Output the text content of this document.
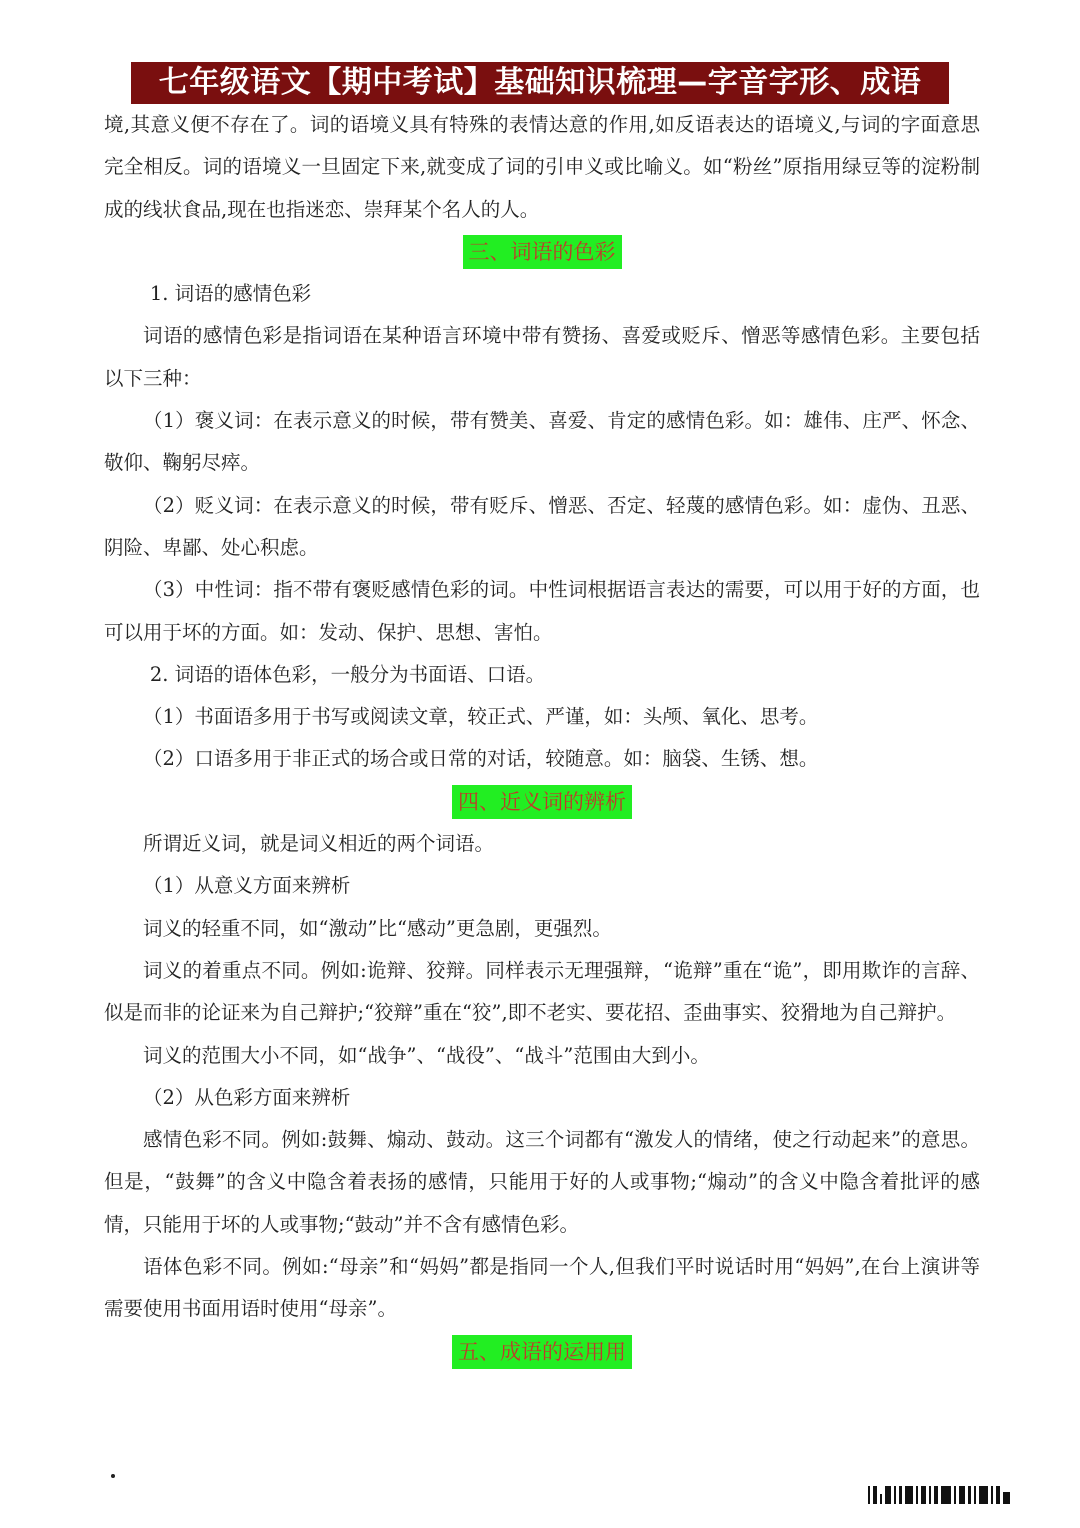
七年级语文【期中考试】基础知识梳理—字音字形、成语

境,其意义便不存在了。词的语境义具有特殊的表情达意的作用,如反语表达的语境义,与词的字面意思完全相反。词的语境义一旦固定下来,就变成了词的引申义或比喻义。如“粉丝”原指用绿豆等的淀粉制成的线状食品,现在也指迷恋、崇拜某个名人的人。

三、词语的色彩

1. 词语的感情色彩

词语的感情色彩是指词语在某种语言环境中带有赞扬、喜爱或贬斥、憎恶等感情色彩。主要包括以下三种：

（1）褒义词：在表示意义的时候，带有赞美、喜爱、肯定的感情色彩。如：雄伟、庄严、怀念、敬仰、鞠躬尽瘁。

（2）贬义词：在表示意义的时候，带有贬斥、憎恶、否定、轻蔑的感情色彩。如：虚伪、丑恶、阴险、卑鄙、处心积虑。

（3）中性词：指不带有褒贬感情色彩的词。中性词根据语言表达的需要，可以用于好的方面，也可以用于坏的方面。如：发动、保护、思想、害怕。

2. 词语的语体色彩，一般分为书面语、口语。

（1）书面语多用于书写或阅读文章，较正式、严谨，如：头颅、氧化、思考。

（2）口语多用于非正式的场合或日常的对话，较随意。如：脑袋、生锈、想。

四、近义词的辨析

所谓近义词，就是词义相近的两个词语。

（1）从意义方面来辨析

词义的轻重不同，如“激动”比“感动”更急剧，更强烈。

词义的着重点不同。例如:诡辩、狡辩。同样表示无理强辩，“诡辩”重在“诡”，即用欺诈的言辞、似是而非的论证来为自己辩护;“狡辩”重在“狡”,即不老实、要花招、歪曲事实、狡猾地为自己辩护。

词义的范围大小不同，如“战争”、“战役”、“战斗”范围由大到小。

（2）从色彩方面来辨析

感情色彩不同。例如:鼓舞、煽动、鼓动。这三个词都有“激发人的情绪，使之行动起来”的意思。但是，“鼓舞”的含义中隐含着表扬的感情，只能用于好的人或事物;“煽动”的含义中隐含着批评的感情，只能用于坏的人或事物;“鼓动”并不含有感情色彩。

语体色彩不同。例如:“母亲”和“妈妈”都是指同一个人,但我们平时说话时用“妈妈”,在台上演讲等需要使用书面用语时使用“母亲”。

五、成语的运用用
